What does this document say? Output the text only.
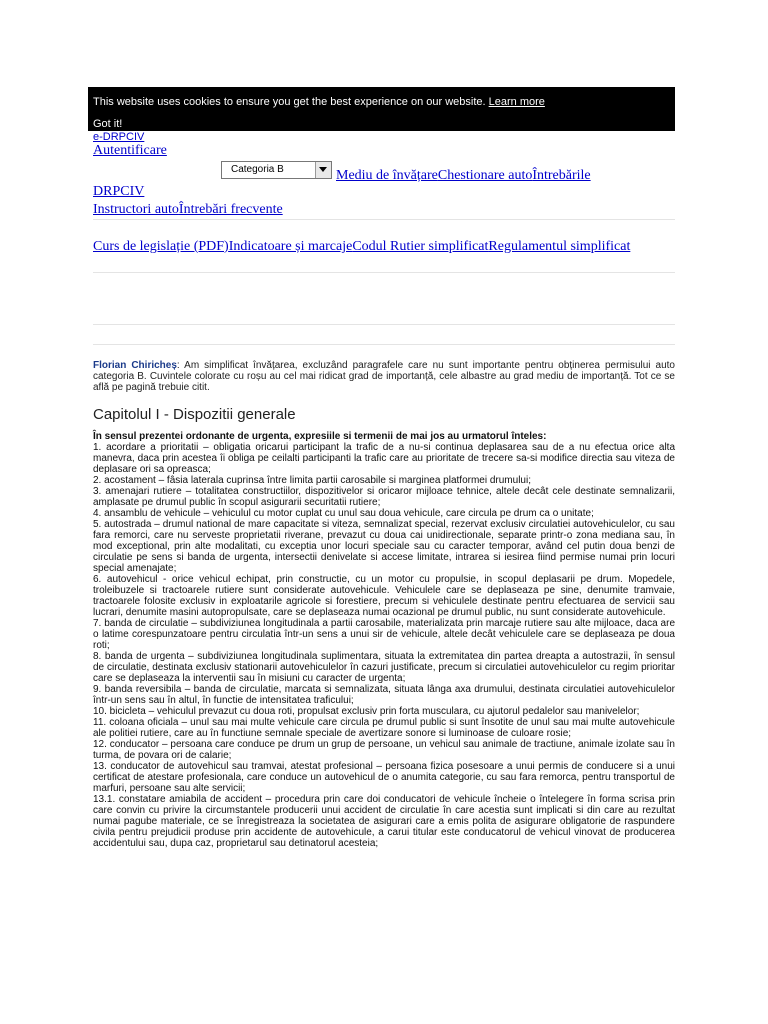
This website uses cookies to ensure you get the best experience on our website. Learn more
Got it!
e-DRPCIV
Autentificare
Categoria B	Mediu de învățareChestionare autoÎntrebările
DRPCIV
Instructori autoÎntrebări frecvente
Curs de legislație (PDF)Indicatoare și marcajeCodul Rutier simplificatRegulamentul simplificat
Florian Chiricheș: Am simplificat învățarea, excluzând paragrafele care nu sunt importante pentru obținerea permisului auto categoria B. Cuvintele colorate cu roșu au cel mai ridicat grad de importanță, cele albastre au grad mediu de importanță. Tot ce se află pe pagină trebuie citit.
Capitolul I - Dispozitii generale

În sensul prezentei ordonante de urgenta, expresiile si termenii de mai jos au urmatorul înteles:

1. acordare a prioritatii – obligatia oricarui participant la trafic de a nu-si continua deplasarea sau de a nu efectua orice alta manevra, daca prin acestea îi obliga pe ceilalti participanti la trafic care au prioritate de trecere sa-si modifice directia sau viteza de deplasare ori sa opreasca;

2. acostament – fâsia laterala cuprinsa între limita partii carosabile si marginea platformei drumului;

3. amenajari rutiere – totalitatea constructiilor, dispozitivelor si oricaror mijloace tehnice, altele decât cele destinate semnalizarii, amplasate pe drumul public în scopul asigurarii securitatii rutiere;

4. ansamblu de vehicule – vehiculul cu motor cuplat cu unul sau doua vehicule, care circula pe drum ca o unitate;

5. autostrada – drumul national de mare capacitate si viteza, semnalizat special, rezervat exclusiv circulatiei autovehiculelor, cu sau fara remorci, care nu serveste proprietatii riverane, prevazut cu doua cai unidirectionale, separate printr-o zona mediana sau, în mod exceptional, prin alte modalitati, cu exceptia unor locuri speciale sau cu caracter temporar, având cel putin doua benzi de circulatie pe sens si banda de urgenta, intersectii denivelate si accese limitate, intrarea si iesirea fiind permise numai prin locuri special amenajate;

6. autovehicul - orice vehicul echipat, prin constructie, cu un motor cu propulsie, in scopul deplasarii pe drum. Mopedele, troleibuzele si tractoarele rutiere sunt considerate autovehicule. Vehiculele care se deplaseaza pe sine, denumite tramvaie, tractoarele folosite exclusiv in exploatarile agricole si forestiere, precum si vehiculele destinate pentru efectuarea de servicii sau lucrari, denumite masini autopropulsate, care se deplaseaza numai ocazional pe drumul public, nu sunt considerate autovehicule.

7. banda de circulatie – subdiviziunea longitudinala a partii carosabile, materializata prin marcaje rutiere sau alte mijloace, daca are o latime corespunzatoare pentru circulatia într-un sens a unui sir de vehicule, altele decât vehiculele care se deplaseaza pe doua roti;

8. banda de urgenta – subdiviziunea longitudinala suplimentara, situata la extremitatea din partea dreapta a autostrazii, în sensul de circulatie, destinata exclusiv stationarii autovehiculelor în cazuri justificate, precum si circulatiei autovehiculelor cu regim prioritar care se deplaseaza la interventii sau în misiuni cu caracter de urgenta;

9. banda reversibila – banda de circulatie, marcata si semnalizata, situata lânga axa drumului, destinata circulatiei autovehiculelor într-un sens sau în altul, în functie de intensitatea traficului;

10. bicicleta – vehiculul prevazut cu doua roti, propulsat exclusiv prin forta musculara, cu ajutorul pedalelor sau manivelelor;

11. coloana oficiala – unul sau mai multe vehicule care circula pe drumul public si sunt însotite de unul sau mai multe autovehicule ale politiei rutiere, care au în functiune semnale speciale de avertizare sonore si luminoase de culoare rosie;

12. conducator – persoana care conduce pe drum un grup de persoane, un vehicul sau animale de tractiune, animale izolate sau în turma, de povara ori de calarie;

13. conducator de autovehicul sau tramvai, atestat profesional – persoana fizica posesoare a unui permis de conducere si a unui certificat de atestare profesionala, care conduce un autovehicul de o anumita categorie, cu sau fara remorca, pentru transportul de marfuri, persoane sau alte servicii;

13.1. constatare amiabila de accident – procedura prin care doi conducatori de vehicule încheie o întelegere în forma scrisa prin care convin cu privire la circumstantele producerii unui accident de circulatie în care acestia sunt implicati si din care au rezultat numai pagube materiale, ce se înregistreaza la societatea de asigurari care a emis polita de asigurare obligatorie de raspundere civila pentru prejudicii produse prin accidente de autovehicule, a carui titular este conducatorul de vehicul vinovat de producerea accidentului sau, dupa caz, proprietarul sau detinatorul acesteia;
